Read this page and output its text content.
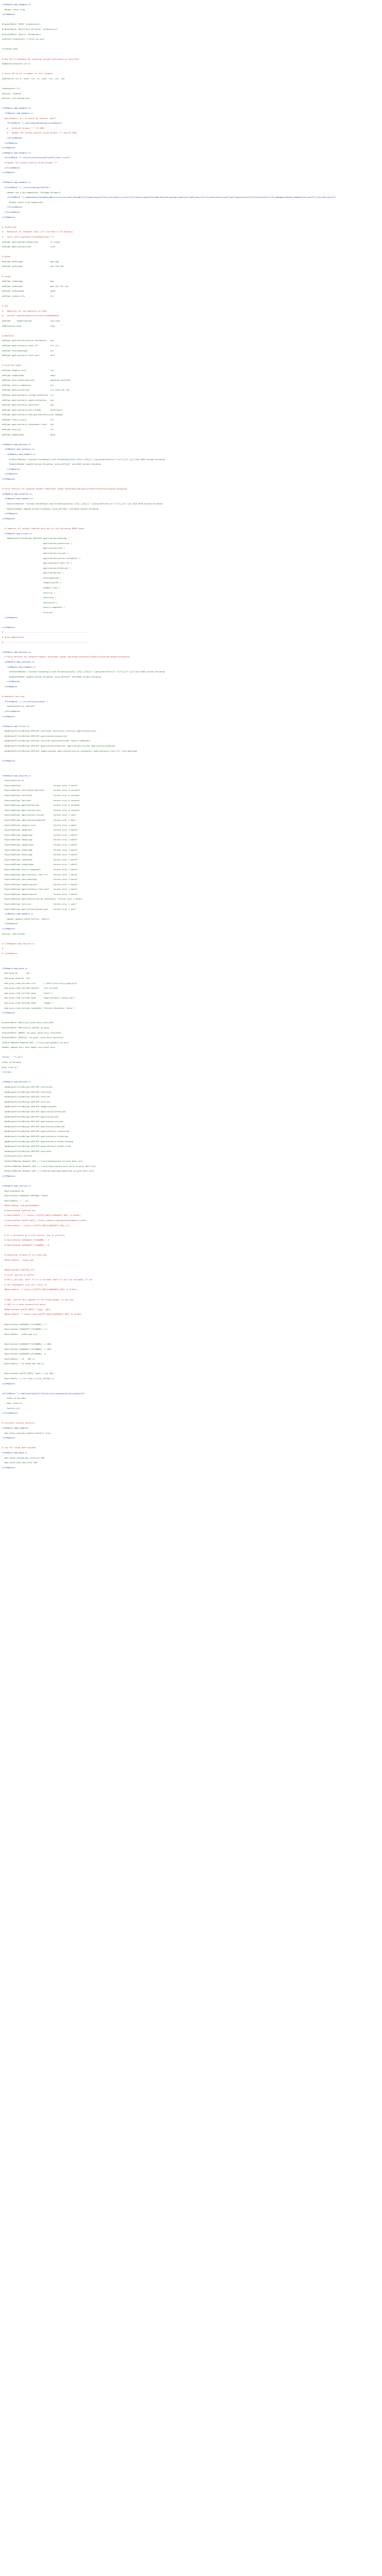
<IfModule mod_headers.c>
Header unset ETag
</IfModule>
BrowserMatch "MSIE" brokenvary=1
BrowserMatch "Mozilla/4.[0-9]{2}" brokenvary=1
BrowserMatch "Opera" !brokenvary
SetEnvIf brokenvary 1 force-no-vary
FileETag none
# Use UTF-8 encoding for anything served text/plain or text/html
AddDefaultCharset utf-8
# Force UTF-8 for a number of file formats
AddCharset utf-8 .atom .css .js .json .rss .vtt .xml
IndexIgnore */*
Options -Indexes
Options +FollowSymLinks
<IfModule mod_headers.c>
<IfModule mod_headers.c>
mod_headers: g = to match by Content-Type??
<FilesMatch "\.(gif|png|jpe?g|svg|ico|webp)$">
#   SetEnvIf Origin ":" IS_CORS
#   Header set Access-Control-Allow-Origin "*" env=IS_CORS
</FilesMatch>
</IfModule>
</IfModule>
<IfModule mod_headers.c>
<FilesMatch "\.(ttf|ttc|otf|eot|woff|woff2|font.css)$">
# Header set Access-Control-Allow-Origin "*"
</FilesMatch>
</IfModule>
<IfModule mod_headers.c>
<FilesMatch "\.(js|css|xml|gz|html)$">
Header set X-UA-Compatible "IE=Edge,chrome=1"
<FilesMatch "\.(appcache|atom|bbaw|bmp|crx|css|cur|eot|f4[abpv]|flv|geojson|gif|htc|ico|jpe?g|js|json(ld)?|m4[av]|manifest|map|mp4|oex|og[agv]|opus|otf|pdf|png|rdf|rss|safariextz|svgz?|swf|topojson|tt[cf]|txt|vcard|vcf|vtt|webapp|web[mp]|webmanifest|woff2?|xloc|xml|xpi)$">
Header unset X-UA-Compatible
</FilesMatch>
</FilesMatch>
</IfModule>
# JavaScript
#   Normalize to standard type (it's sniffed in IE anyways)
#   tools.ietf.org/html/rfc4329#section-7.2
AddType application/javascript          js jsonp
AddType application/json                json
# Audio
AddType audio/ogg                       oga ogg
AddType audio/mp4                       m4a f4a f4b
# Video
AddType video/ogg                       ogv
AddType video/mp4                       mp4 m4v f4v f4p
AddType video/webm                      webm
AddType video/x-flv                     flv
# SVG
#   Required for svg webfonts on iPad
#   twitter.com/FontSquirrel/status/14855840545
AddType     image/svg+xml               svg svgz
AddEncoding gzip                        svgz
# Webfonts
AddType application/vnd.ms-fontobject   eot
AddType application/x-font-ttf          ttf ttc
AddType font/opentype                   otf
AddType application/x-font-woff         woff
# Assorted types
AddType image/x-icon                    ico
AddType image/webp                      webp
AddType text/cache-manifest             appcache manifest
AddType text/x-component                htc
AddType application/xml                 rss atom xml rdf
AddType application/x-chrome-extension  crx
AddType application/x-opera-extension   oex
AddType application/x-xpinstall         xpi
AddType application/octet-stream        safariextz
AddType application/x-web-app-manifest+json webapp
AddType text/x-vcard                    vcf
AddType application/x-shockwave-flash   swf
AddType text/vtt                        vtt
AddType image/webp                      webp
<IfModule mod_deflate.c>
<IfModule mod_setenvif.c>
<IfModule mod_headers.c>
SetEnvIfNoCase ^(Accept-EncodXng|X-cept-Encoding|X{15}|~{15}|-{15})$ ^((gzip|deflate)\s*,?\s*)+|[X~-]{4,13}$ HAVE_Accept-Encoding
RequestHeader append Accept-Encoding "gzip,deflate" env=HAVE_Accept-Encoding
</IfModule>
</IfModule>
</IfModule>
# Force deflate for mangled headers developer.yahoo.com/blogs/ydn/posts/2010/12/pushing-beyond-gzipping/
<IfModule mod_setenvif.c>
<IfModule mod_headers.c>
SetEnvIfNoCase ^(Accept-EncodXng|X-cept-Encoding|X{15}|~{15}|-{15})$ ^((gzip|deflate)\s*,?\s*)+|[X~-]{4,13}$ HAVE_Accept-Encoding
RequestHeader append Accept-Encoding "gzip,deflate" env=HAVE_Accept-Encoding
</IfModule>
</IfModule>
# Compress all output labeled with one of the following MIME-types
<IfModule mod_filter.c>
AddOutputFilterByType DEFLATE application/atom+xml \
application/javascript \
application/json \
application/rss+xml \
application/vnd.ms-fontobject \
application/x-font-ttf \
application/xhtml+xml \
application/xml \
font/opentype \
image/svg+xml \
image/x-icon \
text/css \
text/html \
text/plain \
text/x-component \
text/xml
</IfModule>
</IfModule>
# ----------------------------------------------------------------------
# gzip compression
# ----------------------------------------------------------------------
<IfModule mod_deflate.c>
# Force deflate for mangled headers developer.yahoo.com/blogs/ydn/posts/2010/12/pushing-beyond-gzipping/
<IfModule mod_setenvif.c>
<IfModule mod_headers.c>
SetEnvIfNoCase ^(Accept-EncodXng|X-cept-Encoding|X{15}|~{15}|-{15})$ ^((gzip|deflate)\s*,?\s*)+|[X~-]{4,13}$ HAVE_Accept-Encoding
RequestHeader append Accept-Encoding "gzip,deflate" env=HAVE_Accept-Encoding
</IfModule>
</IfModule>
# webfonts and svg:
<FilesMatch "\.(ttf|otf|eot|svg)$" >
SetOutputFilter DEFLATE
</FilesMatch>
</IfModule>
<IfModule mod_filter.c>
AddOutputFilterByType DEFLATE text/html text/plain text/css application/json
AddOutputFilterByType DEFLATE application/javascript
AddOutputFilterByType DEFLATE text/xml application/xml text/x-component
AddOutputFilterByType DEFLATE application/xhtml+xml application/rss+xml application/atom+xml
AddOutputFilterByType DEFLATE image/svg+xml application/vnd.ms-fontobject application/x-font-ttf font/opentype
</IfModule>
<IfModule mod_expires.c>
ExpiresActive on
ExpiresDefault                          "access plus 1 month"
ExpiresByType text/cache-manifest       "access plus 0 seconds"
ExpiresByType text/html                 "access plus 0 seconds"
ExpiresByType text/xml                  "access plus 0 seconds"
ExpiresByType application/xml           "access plus 0 seconds"
ExpiresByType application/json          "access plus 0 seconds"
ExpiresByType application/rss+xml       "access plus 1 hour"
ExpiresByType application/atom+xml      "access plus 1 hour"
ExpiresByType image/x-icon              "access plus 1 week"
ExpiresByType image/gif                 "access plus 1 month"
ExpiresByType image/png                 "access plus 1 month"
ExpiresByType image/jpg                 "access plus 1 month"
ExpiresByType image/jpeg                "access plus 1 month"
ExpiresByType video/ogg                 "access plus 1 month"
ExpiresByType audio/ogg                 "access plus 1 month"
ExpiresByType video/mp4                 "access plus 1 month"
ExpiresByType video/webm                "access plus 1 month"
ExpiresByType text/x-component          "access plus 1 month"
ExpiresByType application/x-font-ttf    "access plus 1 month"
ExpiresByType font/opentype             "access plus 1 month"
ExpiresByType image/svg+xml             "access plus 1 month"
ExpiresByType application/x-font-woff   "access plus 1 month"
ExpiresByType image/svg+xml             "access plus 1 month"
ExpiresByType application/vnd.ms-fontobject "access plus 1 month"
ExpiresByType text/css                  "access plus 1 year"
ExpiresByType application/javascript    "access plus 1 year"
<IfModule mod_headers.c>
Header append Cache-Control "public"
</IfModule>
</IfModule>
Options -MultiViews
# </IfModule mod_rewrite.c>
#
# </IfModule>
<IfModule mod_gzip.c>
mod_gzip_on       Yes
mod_gzip_dechunk  Yes
mod_gzip_item_include file      \.(html?|txt|css|js|php|pl)$
mod_gzip_item_include handler   ^cgi-script$
mod_gzip_item_include mime      ^text/.*
mod_gzip_item_include mime      ^application/x-javascript.*
mod_gzip_item_exclude mime      ^image/.*
mod_gzip_item_exclude rspheader ^Content-Encoding:.*gzip.*
</IfModule>
BrowserMatch ^Mozilla/4 gzip-only-text/html
BrowserMatch ^Mozilla/4\.0[678] no-gzip
BrowserMatch \bMSIE !no-gzip !gzip-only-text/html
BrowserMatch \bMSI[E] !no-gzip !gzip-only-text/html
SetEnvIfNoCase Request_URI \.(?:gif|jpe?g|png)$ no-gzip
Header append Vary User-Agent env=!dont-vary
<Files ~ "^\.ht">
order allow,deny
deny from all
</Files>
<IfModule mod_deflate.c>
AddOutputFilterByType DEFLATE text/plain
AddOutputFilterByType DEFLATE text/html
AddOutputFilterByType DEFLATE text/xml
AddOutputFilterByType DEFLATE text/css
AddOutputFilterByType DEFLATE image/svg+xml
AddOutputFilterByType DEFLATE application/xhtml+xml
AddOutputFilterByType DEFLATE application/xml
AddOutputFilterByType DEFLATE application/rss+xml
AddOutputFilterByType DEFLATE application/atom_xml
AddOutputFilterByType DEFLATE application/x-javascript
AddOutputFilterByType DEFLATE application/x-httpd-php
AddOutputFilterByType DEFLATE application/x-httpd-fastphp
AddOutputFilterByType DEFLATE application/x-httpd-eruby
AddOutputFilterByType DEFLATE text/html
SetOutputFilter DEFLATE
SetEnvIfNoCase Request_URI \.(?:gif|jpe?g|png)$ no-gzip dont-vary
SetEnvIfNoCase Request_URI \.(?:exe|t?gz|zip|bz2|sit|rar)$ no-gzip dont-vary
SetEnvIfNoCase Request_URI \.(?:pdf|avi|mov|mp3|mp4|rm)$ no-gzip dont-vary
</IfModule>
<IfModule mod_rewrite.c>
RewriteEngine On
RewriteCond %{REQUEST_METHOD} ^TRACE
RewriteRule .* - [F]
#RewriteBase /eqvim/devadmin/
# RewriteCond %{HTTPS} off
# RewriteRule (.*) https://%{HTTP_HOST}%{REQUEST_URI} [L,R=301]
# RewriteCond %{HTTP_HOST} ^https://eqvim.com/eqvim/devadmin/tickets
# RewriteRule ^ https://%{HTTP_HOST}%{REQUEST_URI} [L]
# If a directory or a file exists, use it directly
# RewriteCond %{REQUEST_FILENAME} !-f
# RewriteCond %{REQUEST_FILENAME} !-d
# Otherwise forward it to index.php
#RewriteRule . index.php
#RewriteCond %{HTTPS} off
# First rewrite to HTTPS:
# Don't put www. here. If it is already there it will be included, if not
# the subsequent rule will catch it.
#RewriteRule .* https://%{HTTP_HOST}%{REQUEST_URI} [L,R=301]
# Now, rewrite any request to the wrong domain to use www.
# [NC] is a case-insensitive match
#RewriteCond %{HTTP_HOST} !^www\. [NC]
#RewriteRule .* https://www.%{HTTP_HOST}%{REQUEST_URI} [L,R=301]
RewriteCond %{REQUEST_FILENAME} !-f
RewriteCond %{REQUEST_FILENAME} !-d
RewriteRule . index.php [L]
RewriteCond %{REQUEST_FILENAME} -s [OR]
RewriteCond %{REQUEST_FILENAME} -l [OR]
RewriteCond %{REQUEST_FILENAME} -d
RewriteRule ^.*$ - [NC,L]
RewriteRule ^.*$ index.php [NC,L]
RewriteCond %{HTTP_HOST} ^www\.(.*)$ [NC]
RewriteRule ^(.*)$ http://%1/$1 [R=301,L]
</IfModule>
<FilesMatch "\.(bak|config|dist|fla|inc|ini|log|psd|sh|sql|sw[op])$">
Order allow,deny
Deny from all
Satisfy All
</FilesMatch>
# increase session security
<IfModule php5_module>
php_value session.cookie_httponly true
</IfModule>
# tap for large data uploads
<IfModule mod_php5.c>
php_value upload_max_filesize 50M
php_value post_max_size 50M
</IfModule>
